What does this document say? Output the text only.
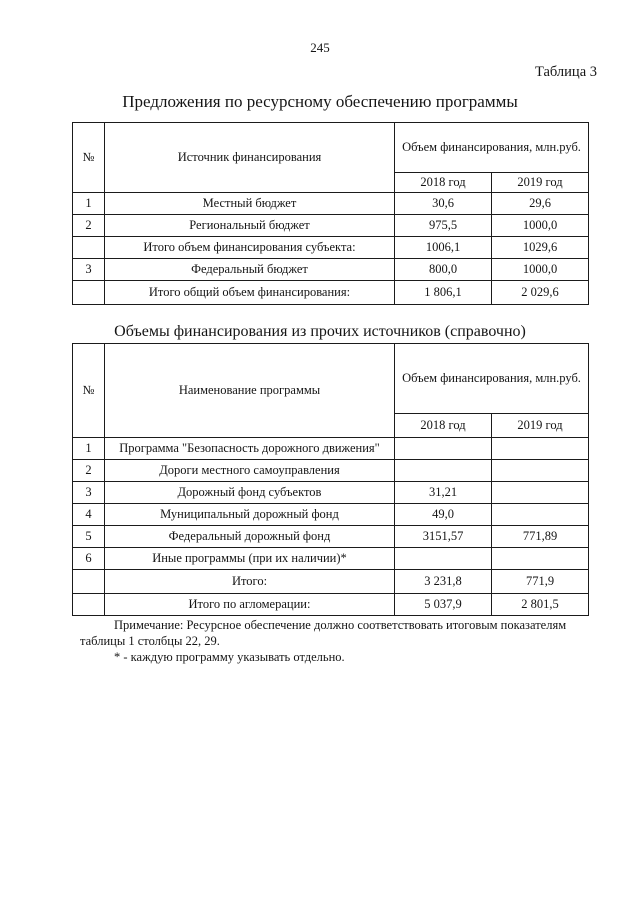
245
Таблица 3
Предложения по ресурсному обеспечению программы
№	Источник финансирования	Объем финансирования, млн.руб.	
		2018 год	2019 год
1	Местный бюджет	30,6	29,6
2	Региональный бюджет	975,5	1000,0
	Итого объем финансирования субъекта:	1006,1	1029,6
3	Федеральный бюджет	800,0	1000,0
	Итого общий объем финансирования:	1 806,1	2 029,6
Объемы финансирования из прочих источников (справочно)
№	Наименование программы	Объем финансирования, млн.руб.	
		2018 год	2019 год
1	Программа "Безопасность дорожного движения"		
2	Дороги местного самоуправления		
3	Дорожный фонд субъектов	31,21	
4	Муниципальный дорожный фонд	49,0	
5	Федеральный дорожный фонд	3151,57	771,89
6	Иные программы (при их наличии)*		
	Итого:	3 231,8	771,9
	Итого по агломерации:	5 037,9	2 801,5

Примечание: Ресурсное обеспечение должно соответствовать итоговым показателям таблицы 1 столбцы 22, 29.

* - каждую программу указывать отдельно.
